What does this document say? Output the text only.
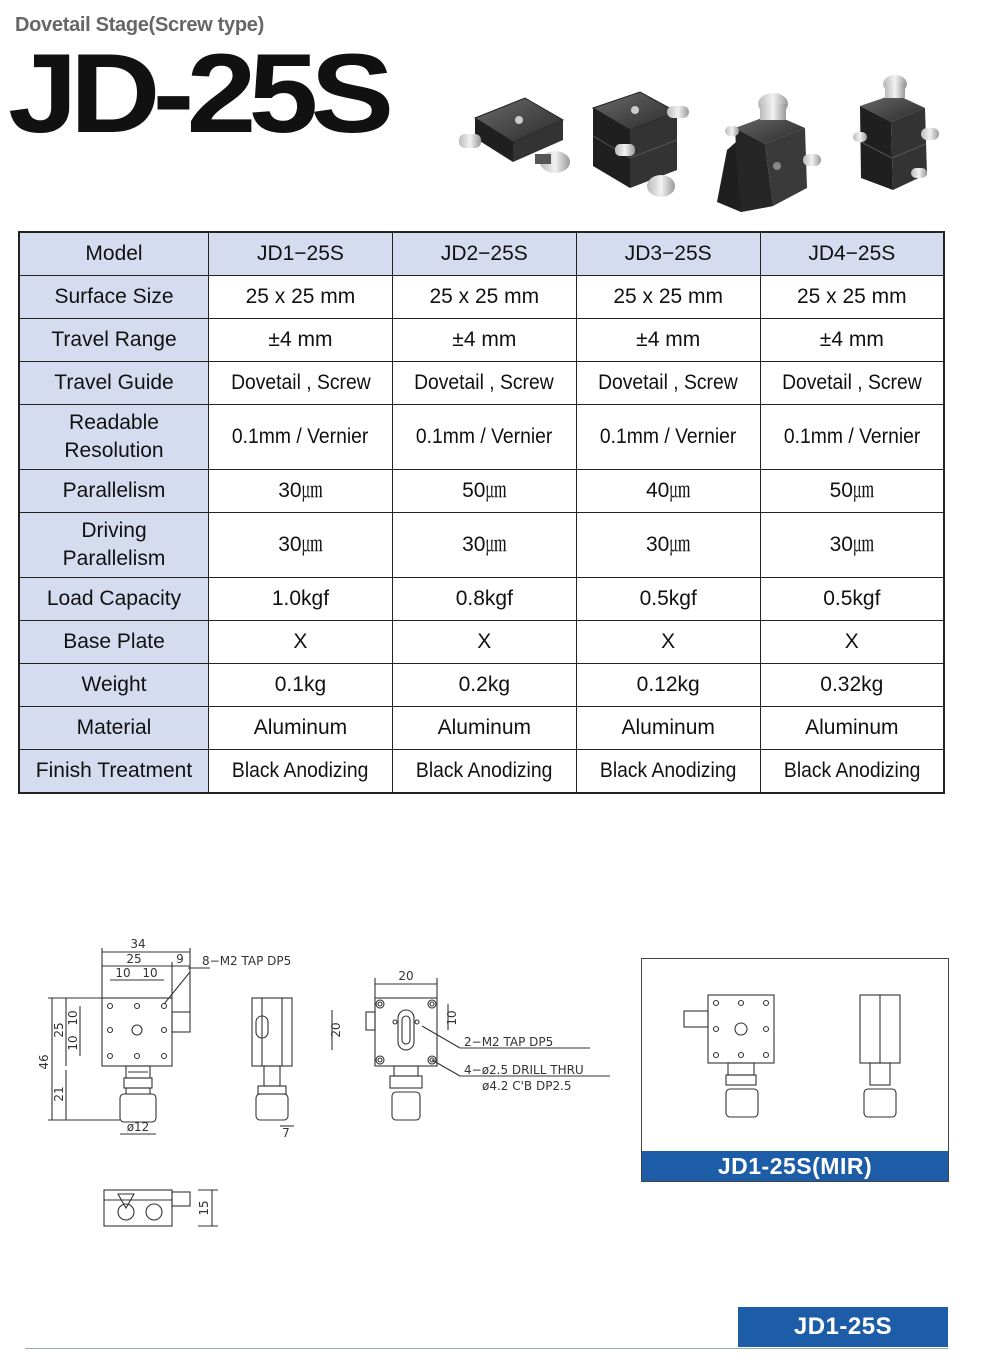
Dovetail Stage(Screw type)
JD-25S
Model	JD1−25S	JD2−25S	JD3−25S	JD4−25S
Surface Size	25 x 25 mm	25 x 25 mm	25 x 25 mm	25 x 25 mm
Travel Range	±4 mm	±4 mm	±4 mm	±4 mm
Travel Guide	Dovetail , Screw	Dovetail , Screw	Dovetail , Screw	Dovetail , Screw
Readable Resolution	0.1mm / Vernier	0.1mm / Vernier	0.1mm / Vernier	0.1mm / Vernier
Parallelism	30㎛	50㎛	40㎛	50㎛
Driving Parallelism	30㎛	30㎛	30㎛	30㎛
Load Capacity	1.0kgf	0.8kgf	0.5kgf	0.5kgf
Base Plate	X	X	X	X
Weight	0.1kg	0.2kg	0.12kg	0.32kg
Material	Aluminum	Aluminum	Aluminum	Aluminum
Finish Treatment	Black Anodizing	Black Anodizing	Black Anodizing	Black Anodizing
34
25	9
10 10
8−M2 TAP DP5
46
25
10
10
21
ø12	7
20
20
10
2−M2 TAP DP5
4−ø2.5 DRILL THRU
ø4.2 C'B DP2.5
15
JD1-25S(MIR)
JD1-25S
